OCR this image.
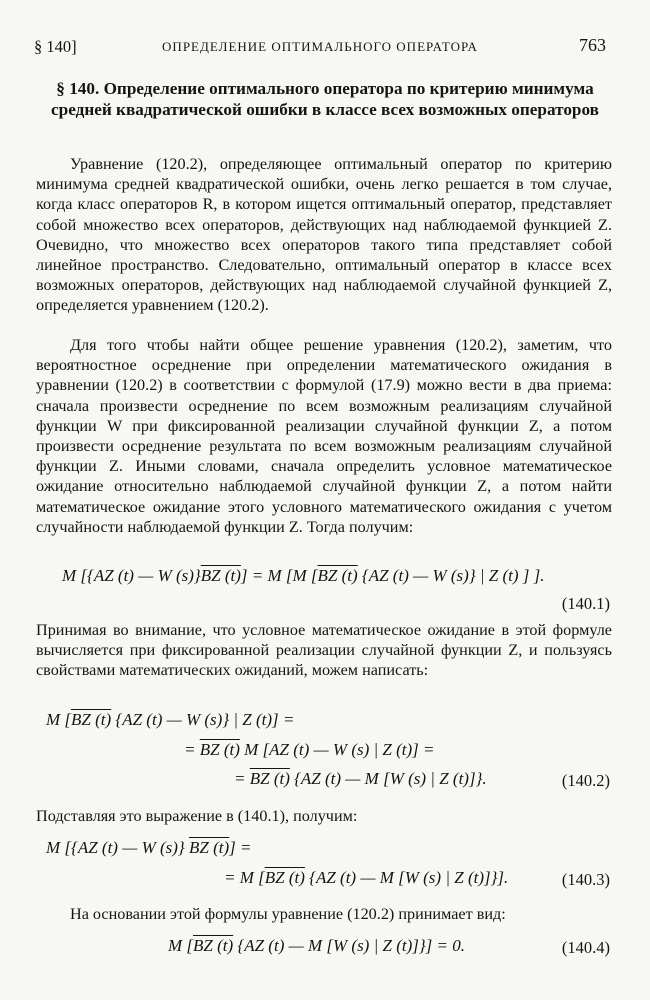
§ 140]	ОПРЕДЕЛЕНИЕ ОПТИМАЛЬНОГО ОПЕРАТОРА	763
§ 140. Определение оптимального оператора по критерию минимума средней квадратической ошибки в классе всех возможных операторов
Уравнение (120.2), определяющее оптимальный оператор по критерию минимума средней квадратической ошибки, очень легко решается в том случае, когда класс операторов R, в котором ищется оптимальный оператор, представляет собой множество всех операторов, действующих над наблюдаемой функцией Z. Очевидно, что множество всех операторов такого типа представляет собой линейное пространство. Следовательно, оптимальный оператор в классе всех возможных операторов, действующих над наблюдаемой случайной функцией Z, определяется уравнением (120.2).
Для того чтобы найти общее решение уравнения (120.2), заметим, что вероятностное осреднение при определении математического ожидания в уравнении (120.2) в соответствии с формулой (17.9) можно вести в два приема: сначала произвести осреднение по всем возможным реализациям случайной функции W при фиксированной реализации случайной функции Z, а потом произвести осреднение результата по всем возможным реализациям случайной функции Z. Иными словами, сначала определить условное математическое ожидание относительно наблюдаемой случайной функции Z, а потом найти математическое ожидание этого условного математического ожидания с учетом случайности наблюдаемой функции Z. Тогда получим:
M [{AZ (t) — W (s)}BZ (t)] = M [M [BZ (t) {AZ (t) — W (s)} | Z (t) ] ].
(140.1)
Принимая во внимание, что условное математическое ожидание в этой формуле вычисляется при фиксированной реализации случайной функции Z, и пользуясь свойствами математических ожиданий, можем написать:
M [BZ (t) {AZ (t) — W (s)} | Z (t)] =
= BZ (t) M [AZ (t) — W (s) | Z (t)] =
= BZ (t) {AZ (t) — M [W (s) | Z (t)]}.	(140.2)
Подставляя это выражение в (140.1), получим:
M [{AZ (t) — W (s)} BZ (t)] =
= M [BZ (t) {AZ (t) — M [W (s) | Z (t)]}].	(140.3)
На основании этой формулы уравнение (120.2) принимает вид:
M [BZ (t) {AZ (t) — M [W (s) | Z (t)]}] = 0.	(140.4)
